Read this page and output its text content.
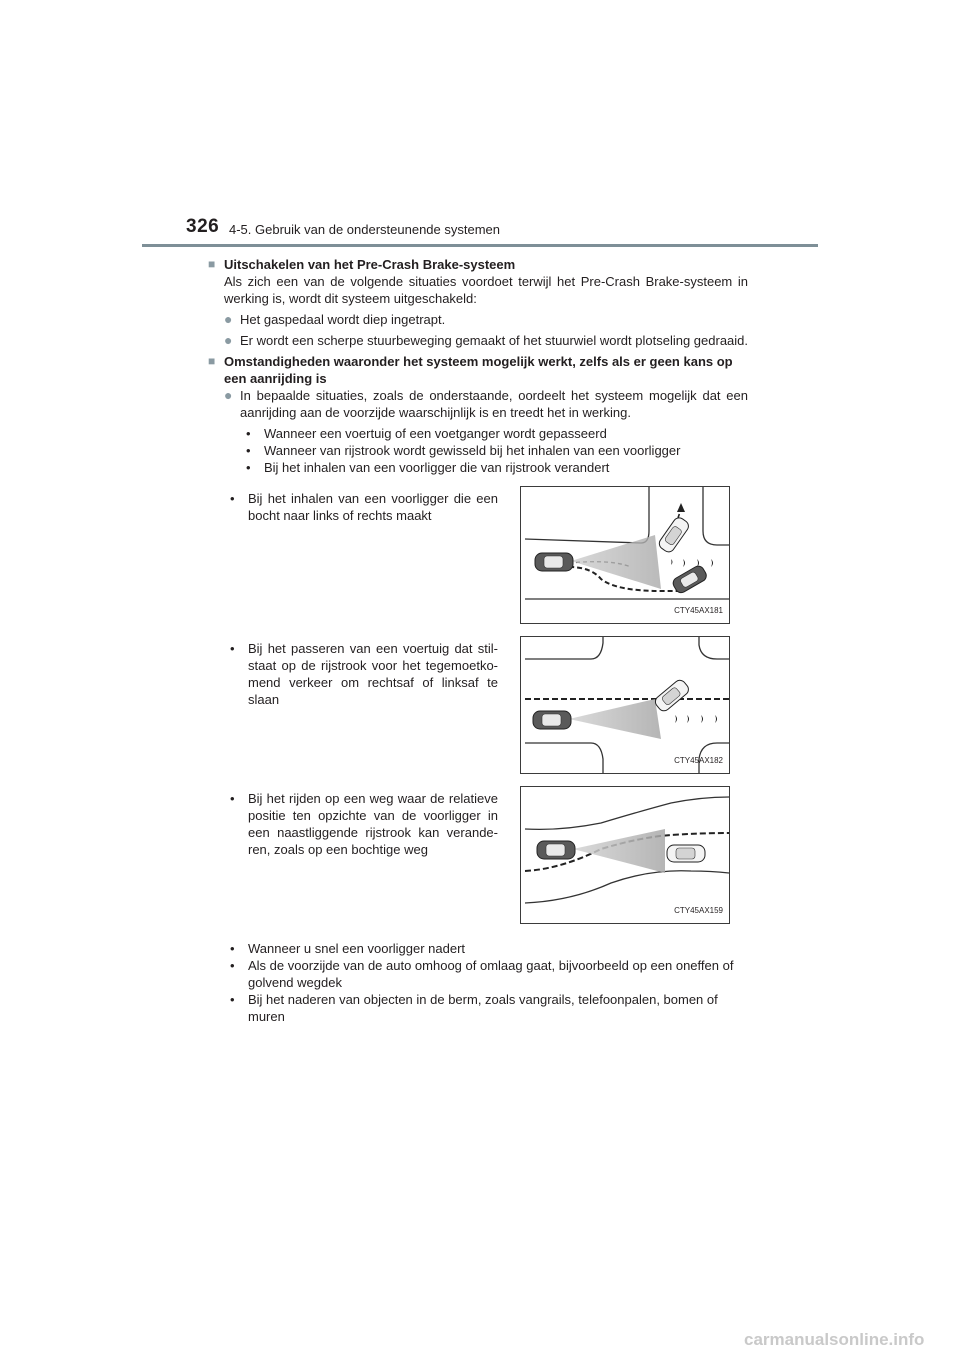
326 4-5. Gebruik van de ondersteunende systemen
■ Uitschakelen van het Pre-Crash Brake-systeem
Als zich een van de volgende situaties voordoet terwijl het Pre-Crash Brake-systeem in werking is, wordt dit systeem uitgeschakeld:
● Het gaspedaal wordt diep ingetrapt.
● Er wordt een scherpe stuurbeweging gemaakt of het stuurwiel wordt plotseling gedraaid.
■ Omstandigheden waaronder het systeem mogelijk werkt, zelfs als er geen kans op een aanrijding is
● In bepaalde situaties, zoals de onderstaande, oordeelt het systeem mogelijk dat een aanrijding aan de voorzijde waarschijnlijk is en treedt het in werking.
•	Wanneer een voertuig of een voetganger wordt gepasseerd
•	Wanneer van rijstrook wordt gewisseld bij het inhalen van een voorligger
•	Bij het inhalen van een voorligger die van rijstrook verandert
•	Bij het inhalen van een voorligger die een bocht naar links of rechts maakt
CTY45AX181
•	Bij het passeren van een voertuig dat stil-staat op de rijstrook voor het tegemoetko-mend verkeer om rechtsaf of linksaf te slaan
CTY45AX182
•	Bij het rijden op een weg waar de relatieve positie ten opzichte van de voorligger in een naastliggende rijstrook kan verande-ren, zoals op een bochtige weg
CTY45AX159
•	Wanneer u snel een voorligger nadert
•	Als de voorzijde van de auto omhoog of omlaag gaat, bijvoorbeeld op een oneffen of golvend wegdek
•	Bij het naderen van objecten in de berm, zoals vangrails, telefoonpalen, bomen of muren
carmanualsonline.info
